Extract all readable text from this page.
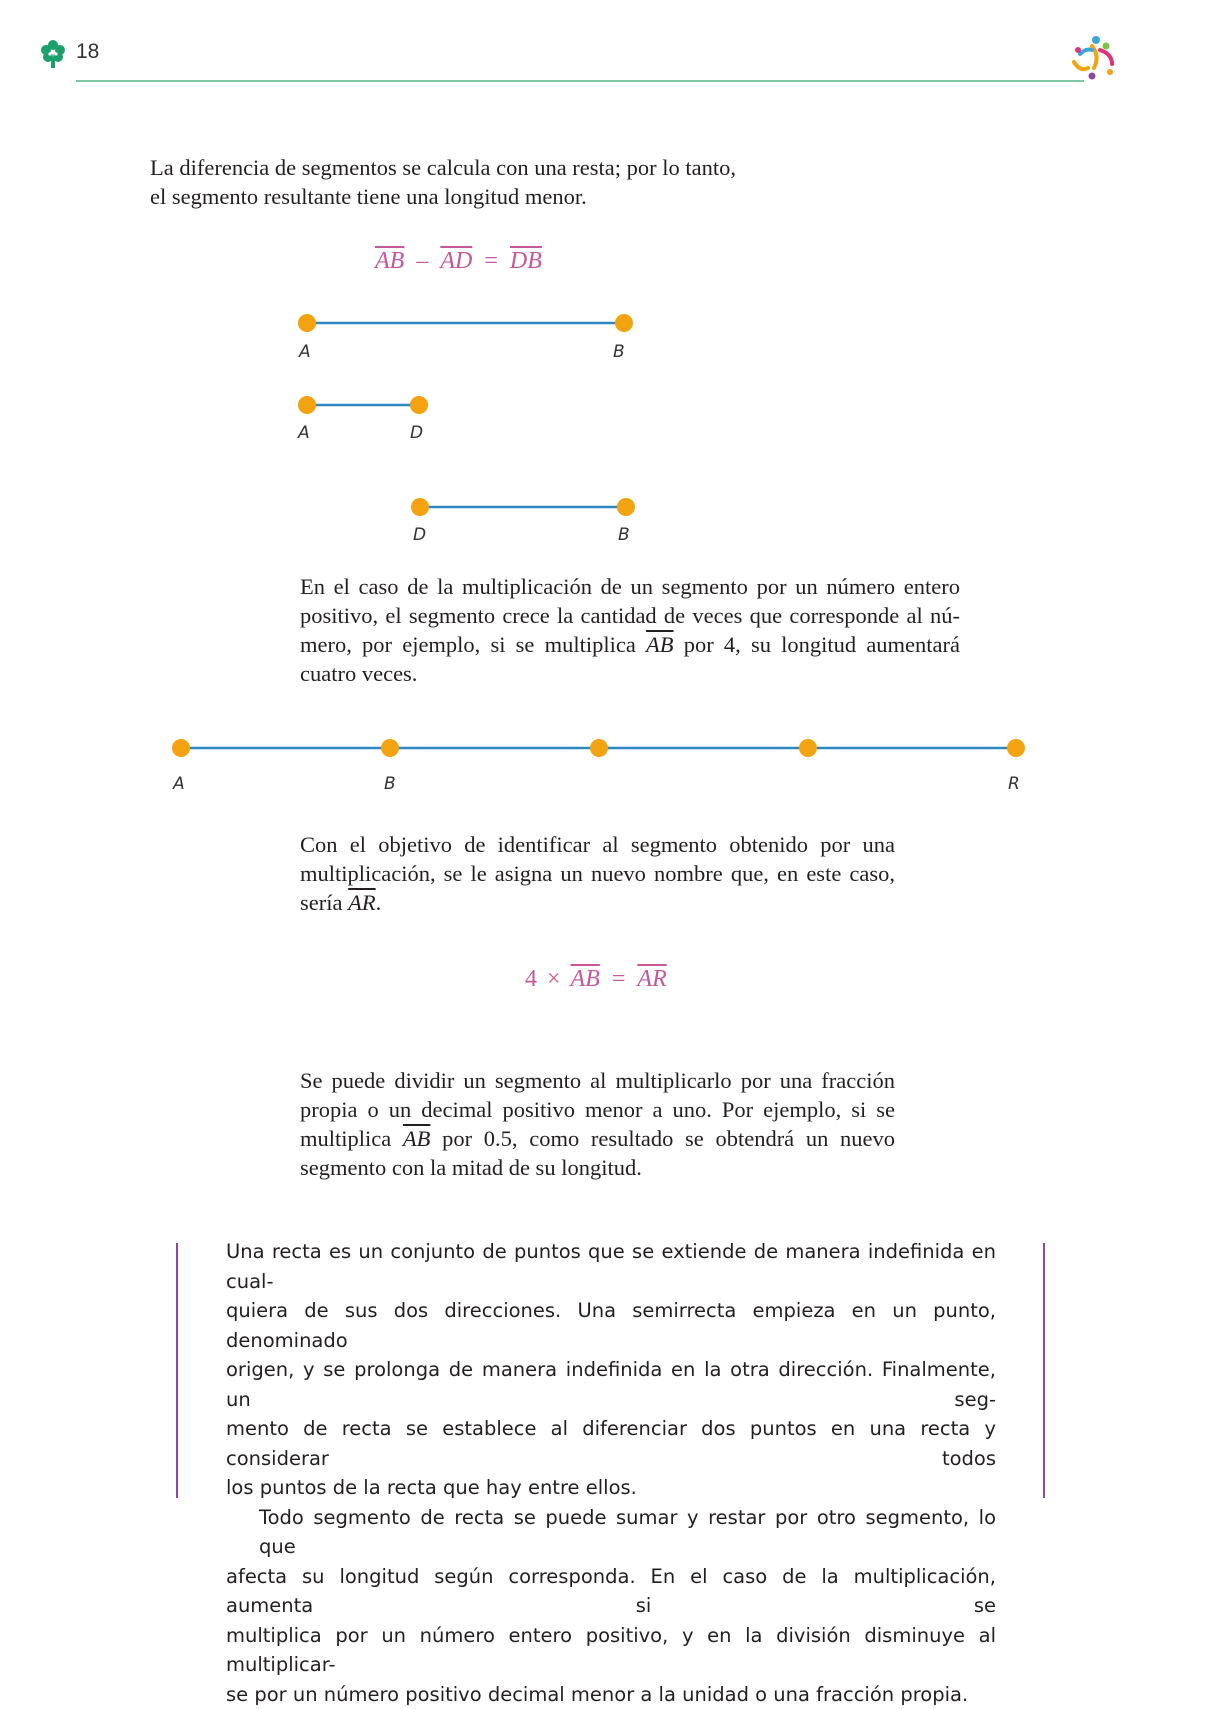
18
La diferencia de segmentos se calcula con una resta; por lo tanto,
el segmento resultante tiene una longitud menor.
$\overline{AB} - \overline{AD} = \overline{DB}$
A	B
A	D
D	B
En el caso de la multiplicación de un segmento por un número entero
positivo, el segmento crece la cantidad de veces que corresponde al nú-
mero, por ejemplo, si se multiplica $\overline{AB}$ por 4, su longitud aumentará
cuatro veces.
A	B	R
Con el objetivo de identificar al segmento obtenido por una
multiplicación, se le asigna un nuevo nombre que, en este caso,
sería $\overline{AR}$.
$4 \times \overline{AB} = \overline{AR}$
Se puede dividir un segmento al multiplicarlo por una fracción
propia o un decimal positivo menor a uno. Por ejemplo, si se
multiplica $\overline{AB}$ por 0.5, como resultado se obtendrá un nuevo
segmento con la mitad de su longitud.
Una recta es un conjunto de puntos que se extiende de manera indefinida en cual-
quiera de sus dos direcciones. Una semirrecta empieza en un punto, denominado
origen, y se prolonga de manera indefinida en la otra dirección. Finalmente, un seg-
mento de recta se establece al diferenciar dos puntos en una recta y considerar todos
los puntos de la recta que hay entre ellos.
Todo segmento de recta se puede sumar y restar por otro segmento, lo que
afecta su longitud según corresponda. En el caso de la multiplicación, aumenta si se
multiplica por un número entero positivo, y en la división disminuye al multiplicar-
se por un número positivo decimal menor a la unidad o una fracción propia.
